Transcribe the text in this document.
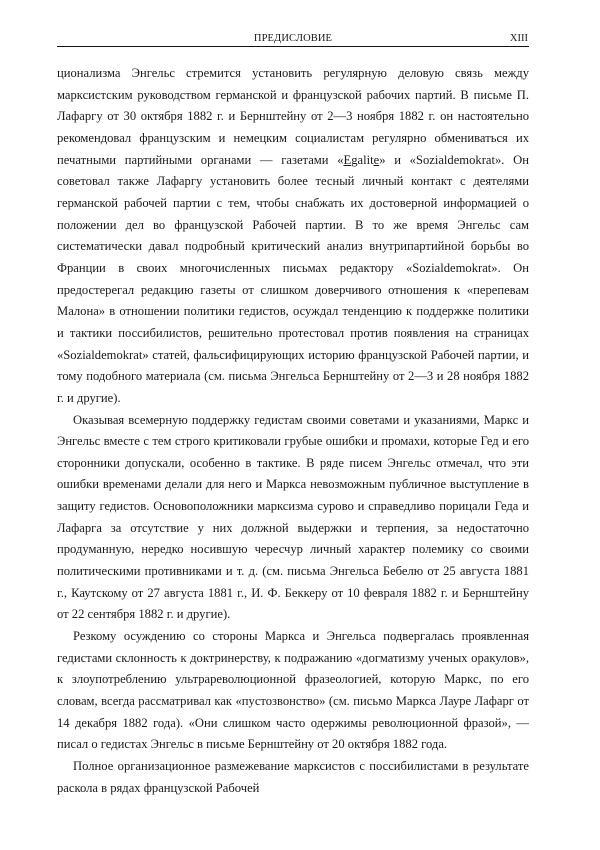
ПРЕДИСЛОВИЕ	XIII

ционализма Энгельс стремится установить регулярную деловую связь между марксистским руководством германской и французской рабочих партий. В письме П. Лафаргу от 30 октября 1882 г. и Бернштейну от 2—3 ноября 1882 г. он настоятельно рекомендовал французским и немецким социалистам регулярно обмениваться их печатными партийными органами — газетами «Egalite» и «Sozialdemokrat». Он советовал также Лафаргу установить более тесный личный контакт с деятелями германской рабочей партии с тем, чтобы снабжать их достоверной информацией о положении дел во французской Рабочей партии. В то же время Энгельс сам систематически давал подробный критический анализ внутрипартийной борьбы во Франции в своих многочисленных письмах редактору «Sozialdemokrat». Он предостерегал редакцию газеты от слишком доверчивого отношения к «перепевам Малона» в отношении политики гедистов, осуждал тенденцию к поддержке политики и тактики поссибилистов, решительно протестовал против появления на страницах «Sozialdemokrat» статей, фальсифицирующих историю французской Рабочей партии, и тому подобного материала (см. письма Энгельса Бернштейну от 2—3 и 28 ноября 1882 г. и другие).

Оказывая всемерную поддержку гедистам своими советами и указаниями, Маркс и Энгельс вместе с тем строго критиковали грубые ошибки и промахи, которые Гед и его сторонники допускали, особенно в тактике. В ряде писем Энгельс отмечал, что эти ошибки временами делали для него и Маркса невозможным публичное выступление в защиту гедистов. Основоположники марксизма сурово и справедливо порицали Геда и Лафарга за отсутствие у них должной выдержки и терпения, за недостаточно продуманную, нередко носившую чересчур личный характер полемику со своими политическими противниками и т. д. (см. письма Энгельса Бебелю от 25 августа 1881 г., Каутскому от 27 августа 1881 г., И. Ф. Беккеру от 10 февраля 1882 г. и Бернштейну от 22 сентября 1882 г. и другие).

Резкому осуждению со стороны Маркса и Энгельса подвергалась проявленная гедистами склонность к доктринерству, к подражанию «догматизму ученых оракулов», к злоупотреблению ультрареволюционной фразеологией, которую Маркс, по его словам, всегда рассматривал как «пустозвонство» (см. письмо Маркса Лауре Лафарг от 14 декабря 1882 года). «Они слишком часто одержимы революционной фразой», — писал о гедистах Энгельс в письме Бернштейну от 20 октября 1882 года.

Полное организационное размежевание марксистов с поссибилистами в результате раскола в рядах французской Рабочей
